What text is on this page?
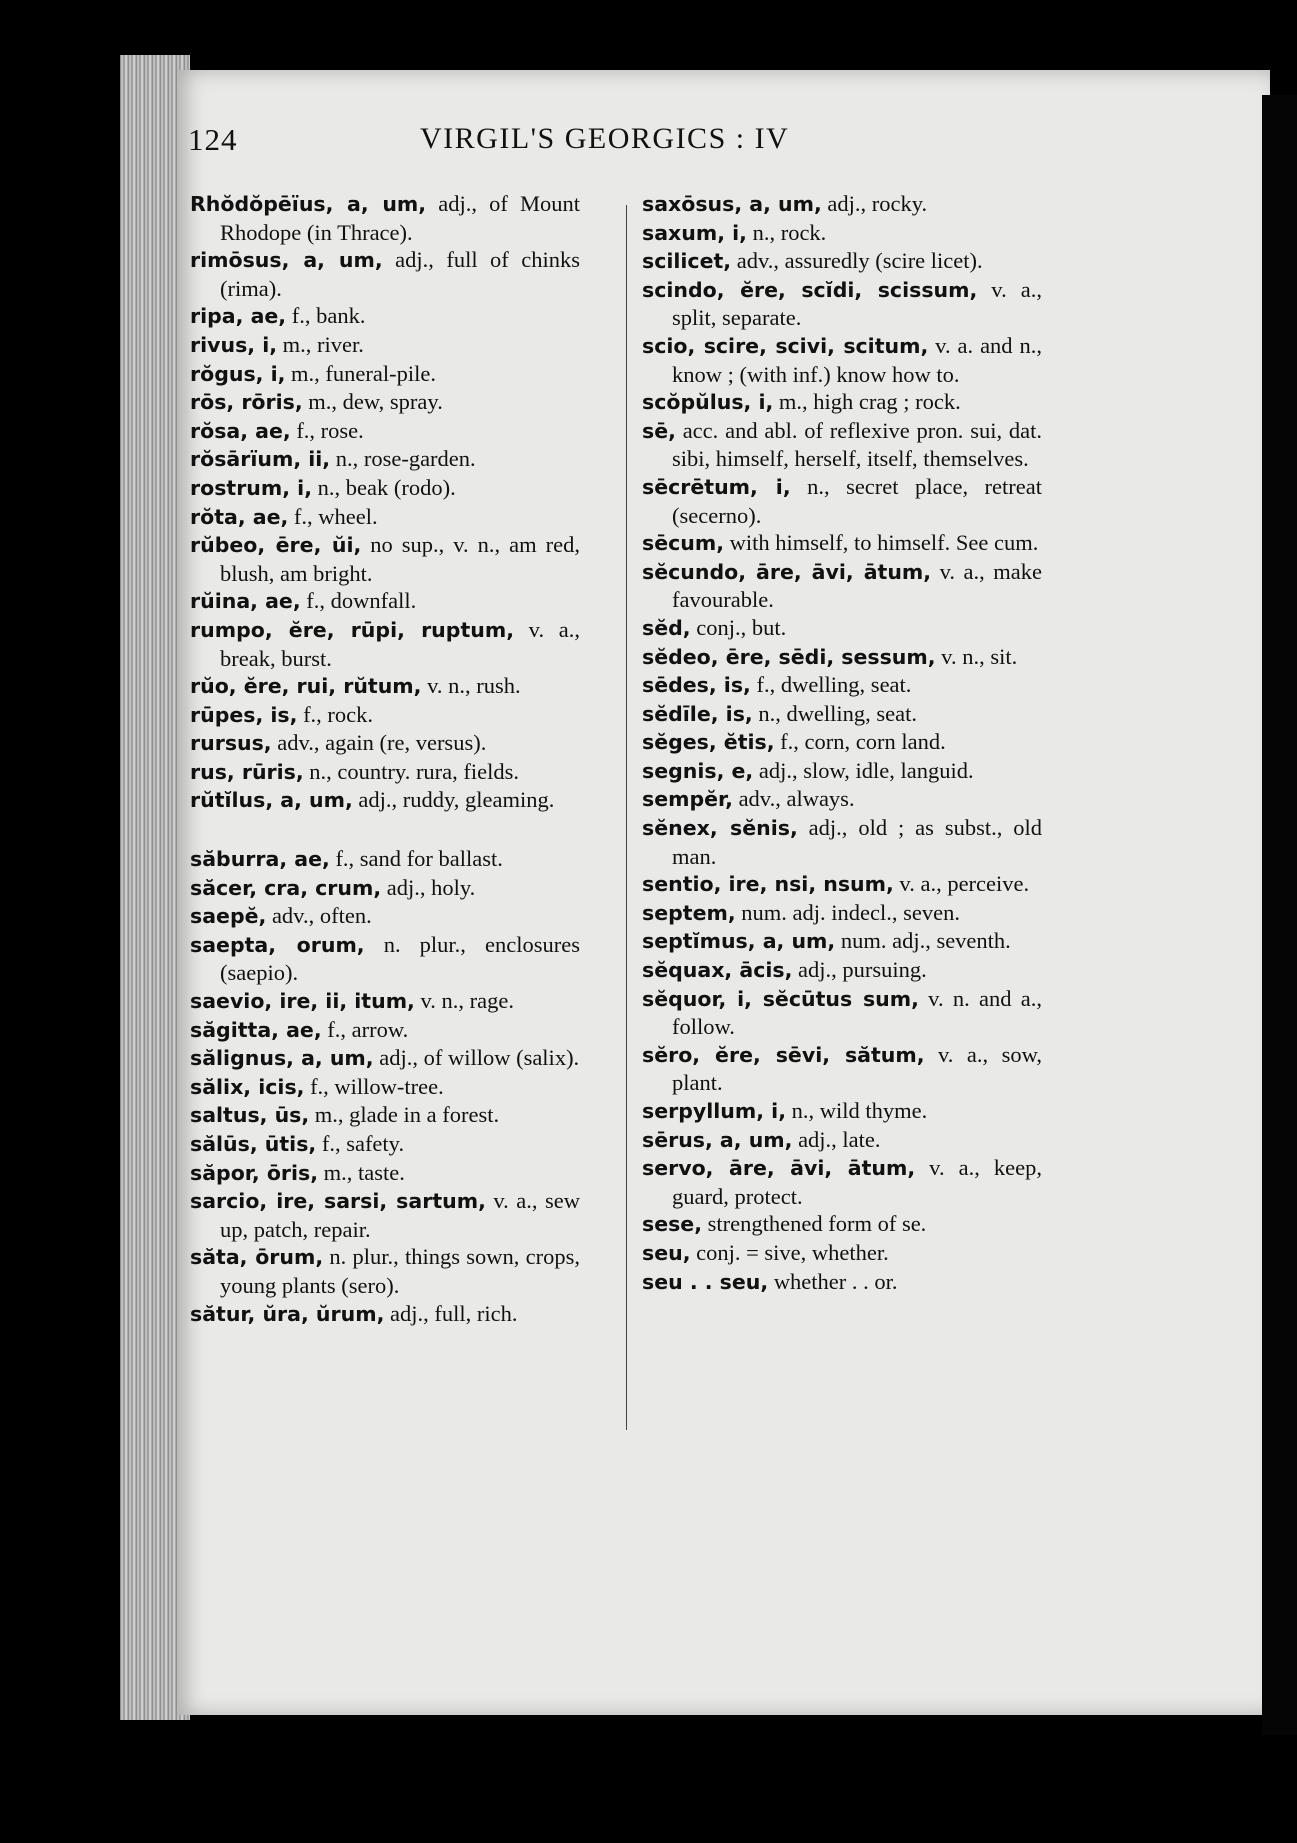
124	VIRGIL'S GEORGICS : IV
Rhŏdŏpēïus, a, um, adj., of Mount Rhodope (in Thrace).
rimōsus, a, um, adj., full of chinks (rima).
ripa, ae, f., bank.
rivus, i, m., river.
rŏgus, i, m., funeral-pile.
rōs, rōris, m., dew, spray.
rŏsa, ae, f., rose.
rŏsārïum, ii, n., rose-garden.
rostrum, i, n., beak (rodo).
rŏta, ae, f., wheel.
rŭbeo, ēre, ŭi, no sup., v. n., am red, blush, am bright.
rŭina, ae, f., downfall.
rumpo, ĕre, rūpi, ruptum, v. a., break, burst.
rŭo, ĕre, rui, rŭtum, v. n., rush.
rūpes, is, f., rock.
rursus, adv., again (re, versus).
rus, rūris, n., country. rura, fields.
rŭtĭlus, a, um, adj., ruddy, gleaming.
săburra, ae, f., sand for ballast.
săcer, cra, crum, adj., holy.
saepĕ, adv., often.
saepta, orum, n. plur., enclosures (saepio).
saevio, ire, ii, itum, v. n., rage.
săgitta, ae, f., arrow.
sălignus, a, um, adj., of willow (salix).
sălix, icis, f., willow-tree.
saltus, ūs, m., glade in a forest.
sălūs, ūtis, f., safety.
săpor, ōris, m., taste.
sarcio, ire, sarsi, sartum, v. a., sew up, patch, repair.
săta, ōrum, n. plur., things sown, crops, young plants (sero).
sătur, ŭra, ŭrum, adj., full, rich.
saxōsus, a, um, adj., rocky.
saxum, i, n., rock.
scilicet, adv., assuredly (scire licet).
scindo, ĕre, scĭdi, scissum, v. a., split, separate.
scio, scire, scivi, scitum, v. a. and n., know ; (with inf.) know how to.
scŏpŭlus, i, m., high crag ; rock.
sē, acc. and abl. of reflexive pron. sui, dat. sibi, himself, herself, itself, themselves.
sēcrētum, i, n., secret place, retreat (secerno).
sēcum, with himself, to himself. See cum.
sĕcundo, āre, āvi, ātum, v. a., make favourable.
sĕd, conj., but.
sĕdeo, ēre, sēdi, sessum, v. n., sit.
sēdes, is, f., dwelling, seat.
sĕdīle, is, n., dwelling, seat.
sĕges, ĕtis, f., corn, corn land.
segnis, e, adj., slow, idle, languid.
sempĕr, adv., always.
sĕnex, sĕnis, adj., old ; as subst., old man.
sentio, ire, nsi, nsum, v. a., perceive.
septem, num. adj. indecl., seven.
septĭmus, a, um, num. adj., seventh.
sĕquax, ācis, adj., pursuing.
sĕquor, i, sĕcūtus sum, v. n. and a., follow.
sĕro, ĕre, sēvi, sătum, v. a., sow, plant.
serpyllum, i, n., wild thyme.
sērus, a, um, adj., late.
servo, āre, āvi, ātum, v. a., keep, guard, protect.
sese, strengthened form of se.
seu, conj. = sive, whether.
seu . . seu, whether . . or.
